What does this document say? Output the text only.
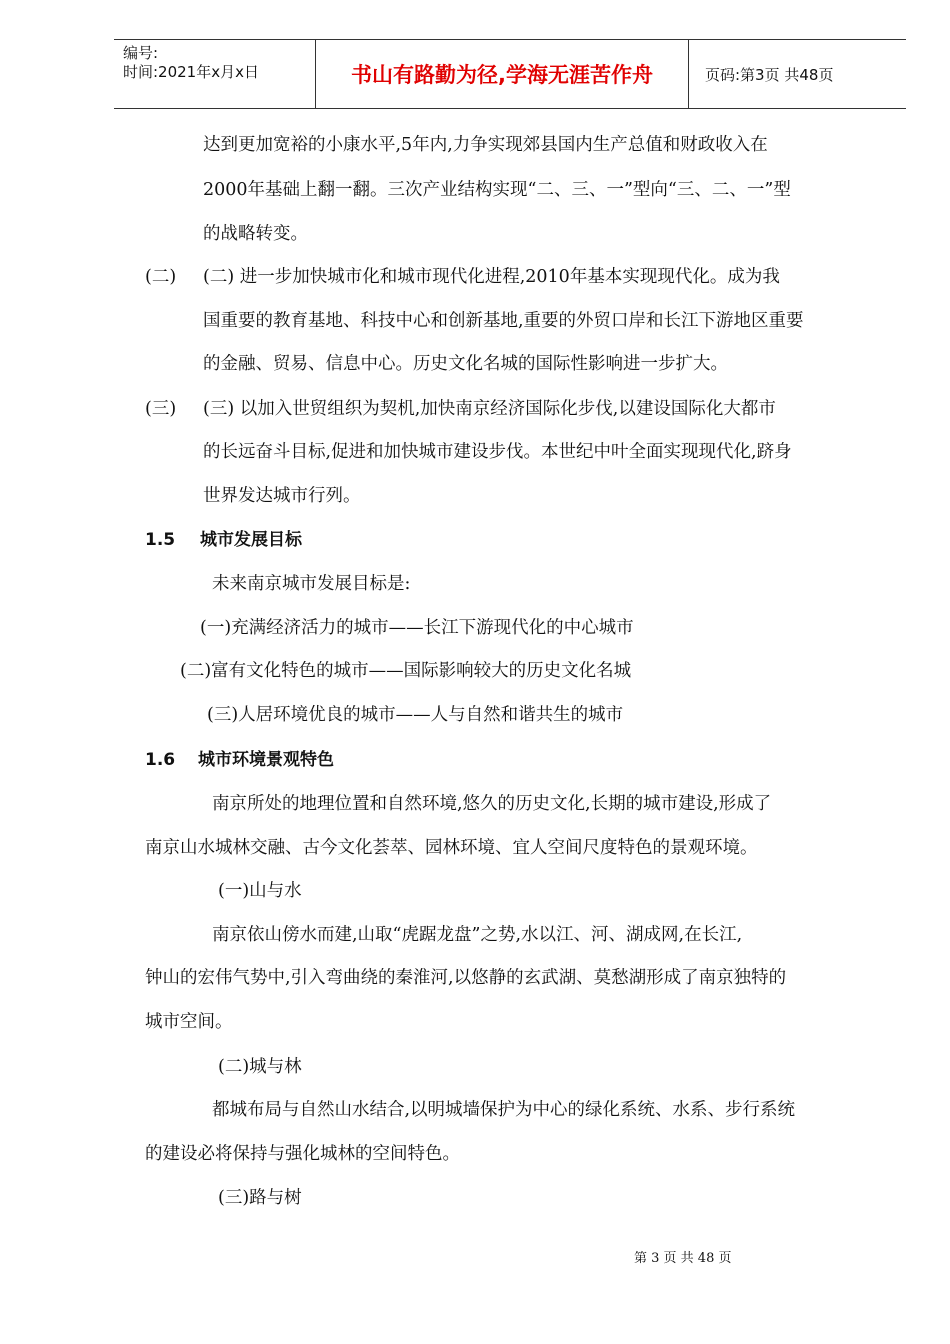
编号:
时间:2021年x月x日	书山有路勤为径,学海无涯苦作舟	页码:第3页 共48页
达到更加宽裕的小康水平,5年内,力争实现郊县国内生产总值和财政收入在
2000年基础上翻一翻。三次产业结构实现“二、三、一”型向“三、二、一”型
的战略转变。
(二) (二) 进一步加快城市化和城市现代化进程,2010年基本实现现代化。成为我
国重要的教育基地、科技中心和创新基地,重要的外贸口岸和长江下游地区重要
的金融、贸易、信息中心。历史文化名城的国际性影响进一步扩大。
(三) (三) 以加入世贸组织为契机,加快南京经济国际化步伐,以建设国际化大都市
的长远奋斗目标,促进和加快城市建设步伐。本世纪中叶全面实现现代化,跻身
世界发达城市行列。
1.5 城市发展目标
未来南京城市发展目标是:
(一)充满经济活力的城市——长江下游现代化的中心城市
(二)富有文化特色的城市——国际影响较大的历史文化名城
(三)人居环境优良的城市——人与自然和谐共生的城市
1.6 城市环境景观特色
南京所处的地理位置和自然环境,悠久的历史文化,长期的城市建设,形成了
南京山水城林交融、古今文化荟萃、园林环境、宜人空间尺度特色的景观环境。
(一)山与水
南京依山傍水而建,山取“虎踞龙盘”之势,水以江、河、湖成网,在长江,
钟山的宏伟气势中,引入弯曲绕的秦淮河,以悠静的玄武湖、莫愁湖形成了南京独特的
城市空间。
(二)城与林
都城布局与自然山水结合,以明城墙保护为中心的绿化系统、水系、步行系统
的建设必将保持与强化城林的空间特色。
(三)路与树
第 3 页 共 48 页
